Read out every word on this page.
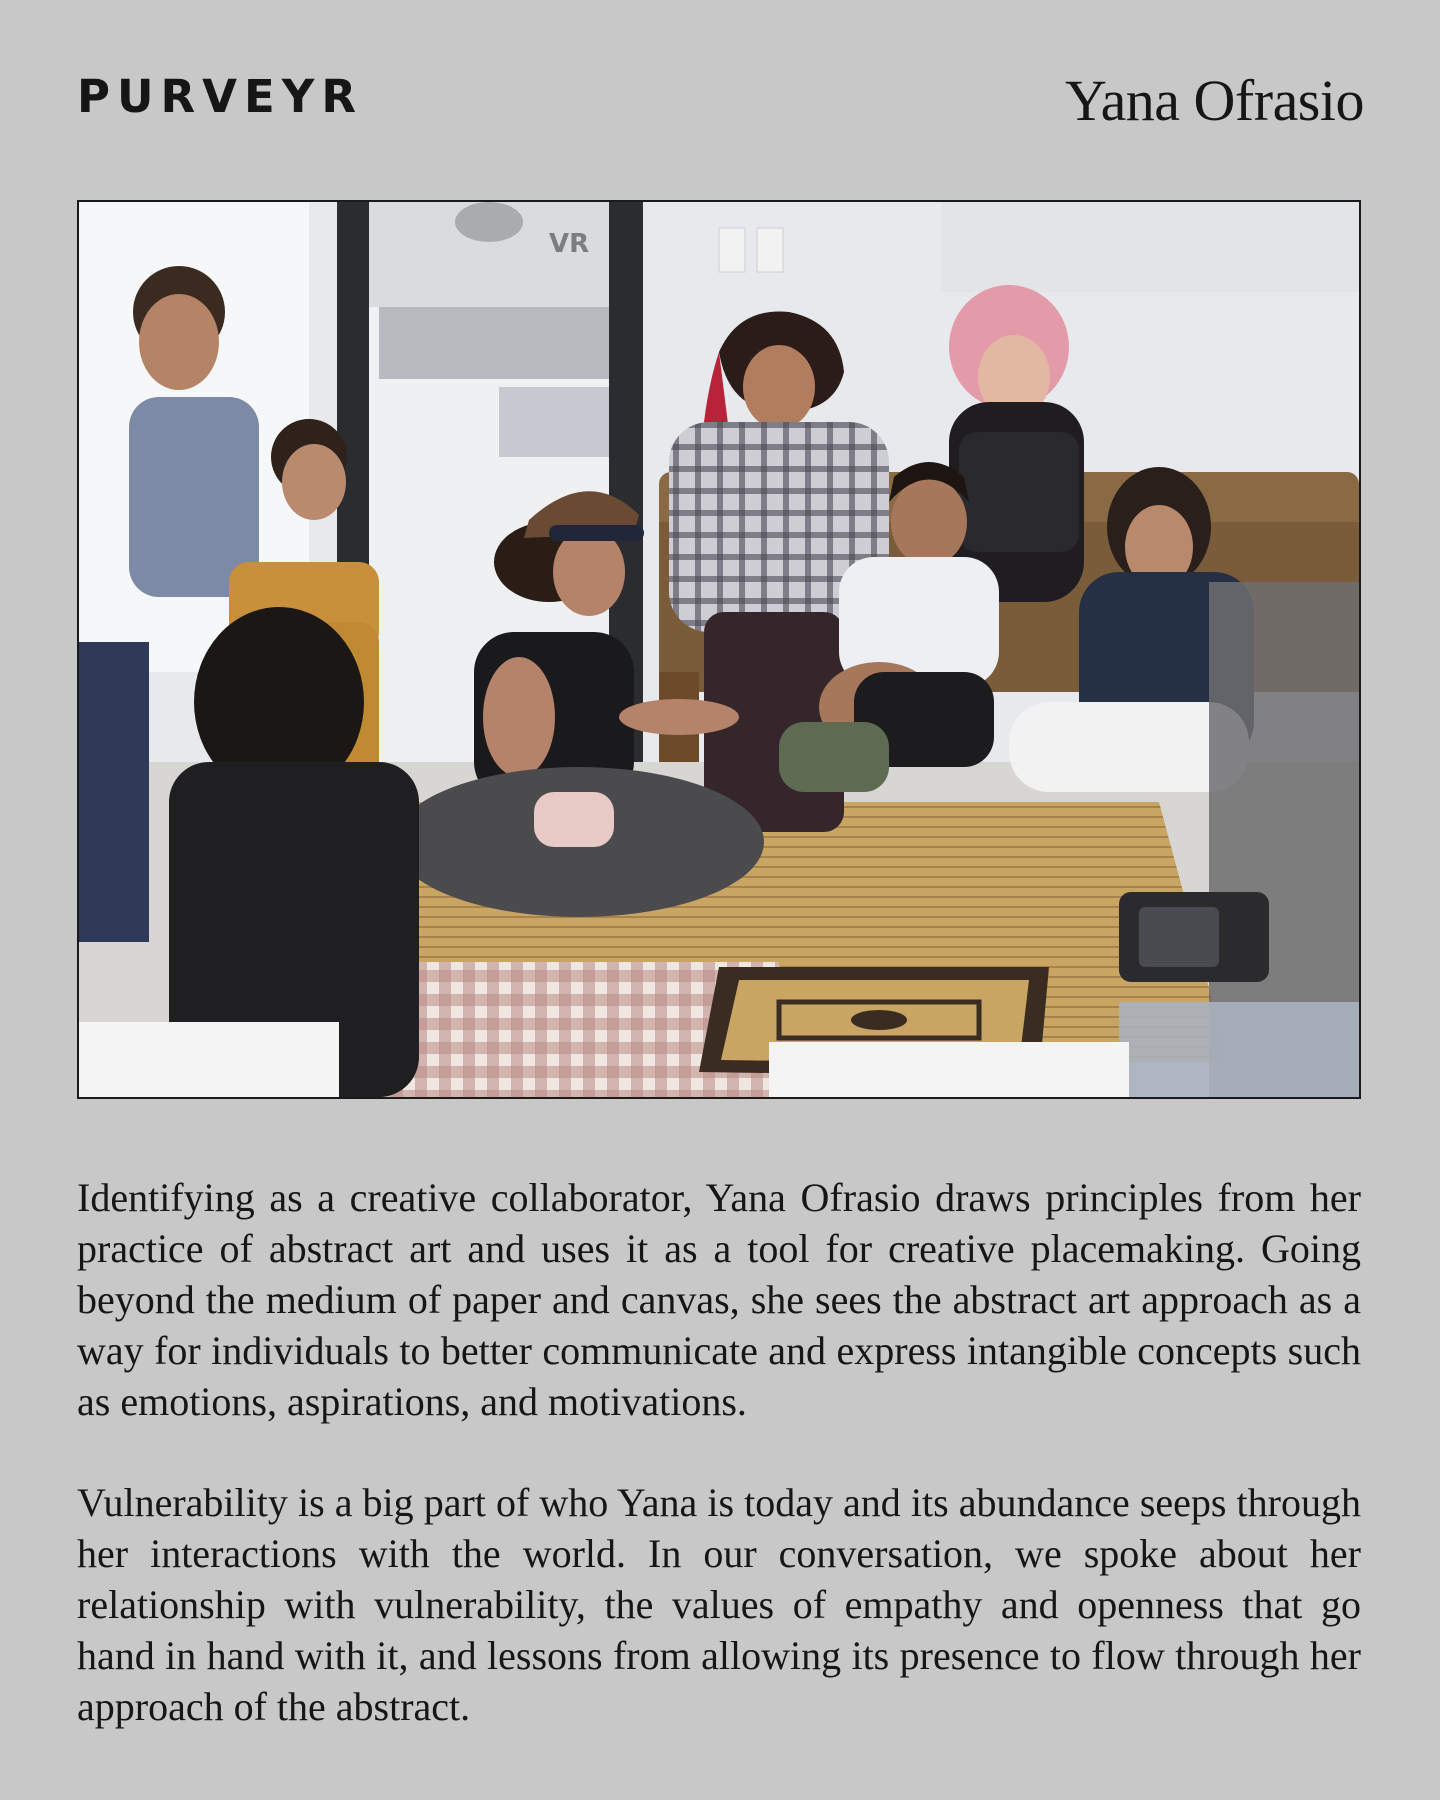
PURVEYR	Yana Ofrasio
VR

Identifying as a creative collaborator, Yana Ofrasio draws principles from her practice of abstract art and uses it as a tool for creative placemaking. Going beyond the medium of paper and canvas, she sees the abstract art approach as a way for individuals to better communicate and express intangible concepts such as emotions, aspirations, and motivations.

Vulnerability is a big part of who Yana is today and its abundance seeps through her interactions with the world. In our conversation, we spoke about her relationship with vulnerability, the values of empathy and openness that go hand in hand with it, and lessons from allowing its presence to flow through her approach of the abstract.
